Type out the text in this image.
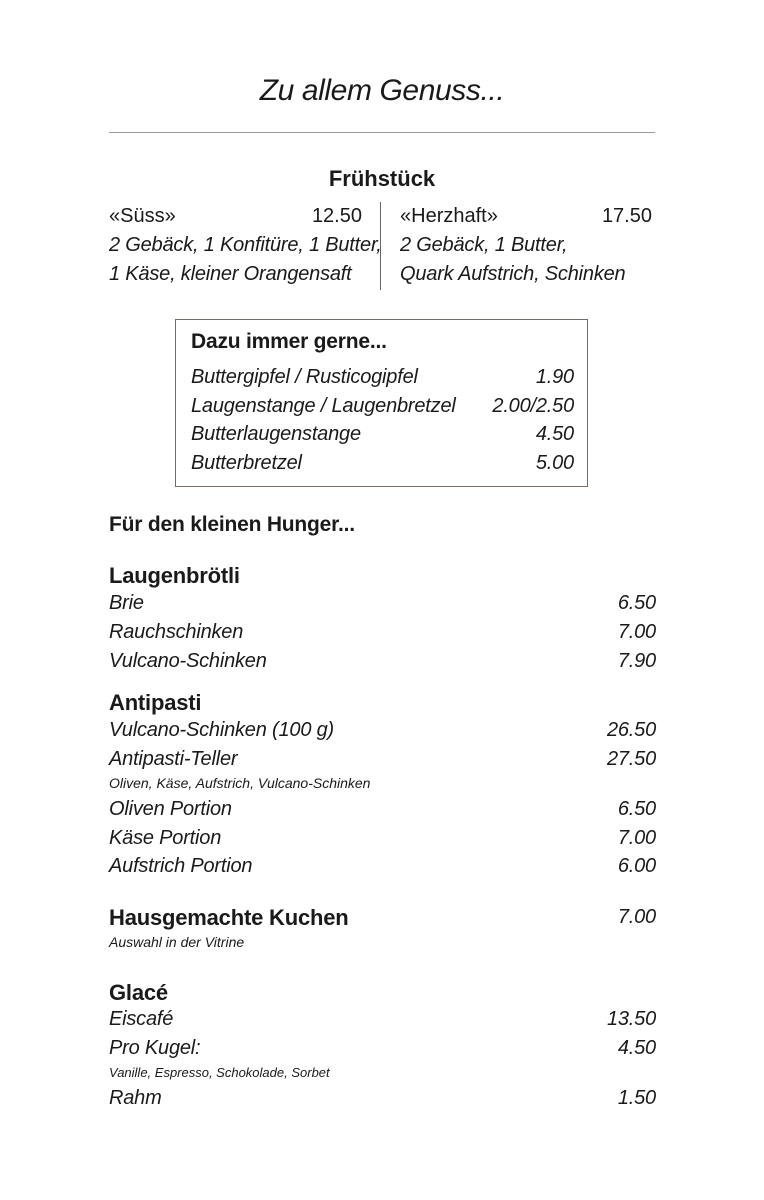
Zu allem Genuss...
Frühstück
«Süss»	12.50
2 Gebäck, 1 Konfitüre, 1 Butter,
1 Käse, kleiner Orangensaft
«Herzhaft»	17.50
2 Gebäck, 1 Butter,
Quark Aufstrich, Schinken
Dazu immer gerne...
Buttergipfel / Rusticogipfel	1.90
Laugenstange / Laugenbretzel 2.00/2.50
Butterlaugenstange	4.50
Butterbretzel	5.00
Für den kleinen Hunger...
Laugenbrötli
Brie	6.50
Rauchschinken	7.00
Vulcano-Schinken	7.90
Antipasti
Vulcano-Schinken (100 g)	26.50
Antipasti-Teller	27.50
Oliven, Käse, Aufstrich, Vulcano-Schinken
Oliven Portion	6.50
Käse Portion	7.00
Aufstrich Portion	6.00
Hausgemachte Kuchen	7.00
Auswahl in der Vitrine
Glacé
Eiscafé	13.50
Pro Kugel:	4.50
Vanille, Espresso, Schokolade, Sorbet
Rahm	1.50
